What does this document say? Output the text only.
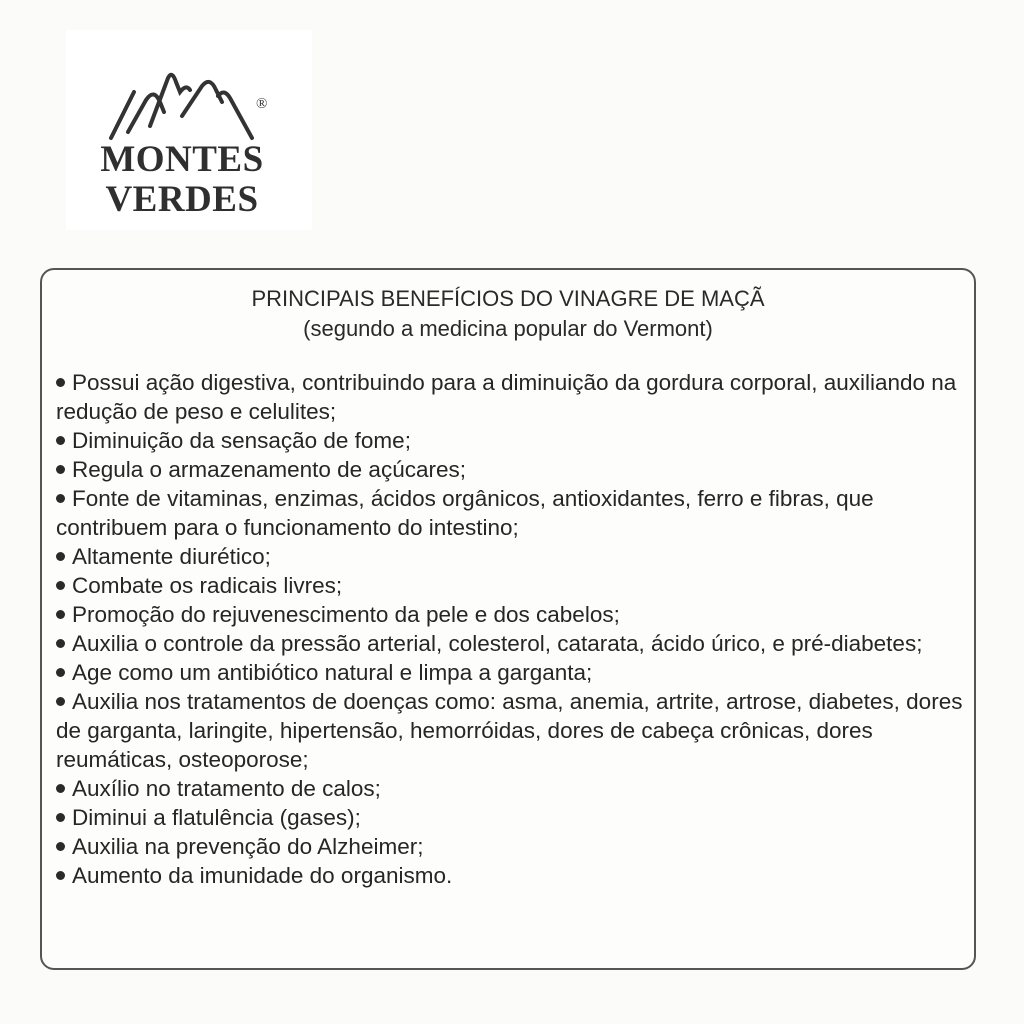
®
MONTES
VERDES
PRINCIPAIS BENEFÍCIOS DO VINAGRE DE MAÇÃ
(segundo a medicina popular do Vermont)
Possui ação digestiva, contribuindo para a diminuição da gordura corporal, auxiliando na redução de peso e celulites;
Diminuição da sensação de fome;
Regula o armazenamento de açúcares;
Fonte de vitaminas, enzimas, ácidos orgânicos, antioxidantes, ferro e fibras, que contribuem para o funcionamento do intestino;
Altamente diurético;
Combate os radicais livres;
Promoção do rejuvenescimento da pele e dos cabelos;
Auxilia o controle da pressão arterial, colesterol, catarata, ácido úrico, e pré-diabetes;
Age como um antibiótico natural e limpa a garganta;
Auxilia nos tratamentos de doenças como: asma, anemia, artrite, artrose, diabetes, dores de garganta, laringite, hipertensão, hemorróidas, dores de cabeça crônicas, dores reumáticas, osteoporose;
Auxílio no tratamento de calos;
Diminui a flatulência (gases);
Auxilia na prevenção do Alzheimer;
Aumento da imunidade do organismo.
